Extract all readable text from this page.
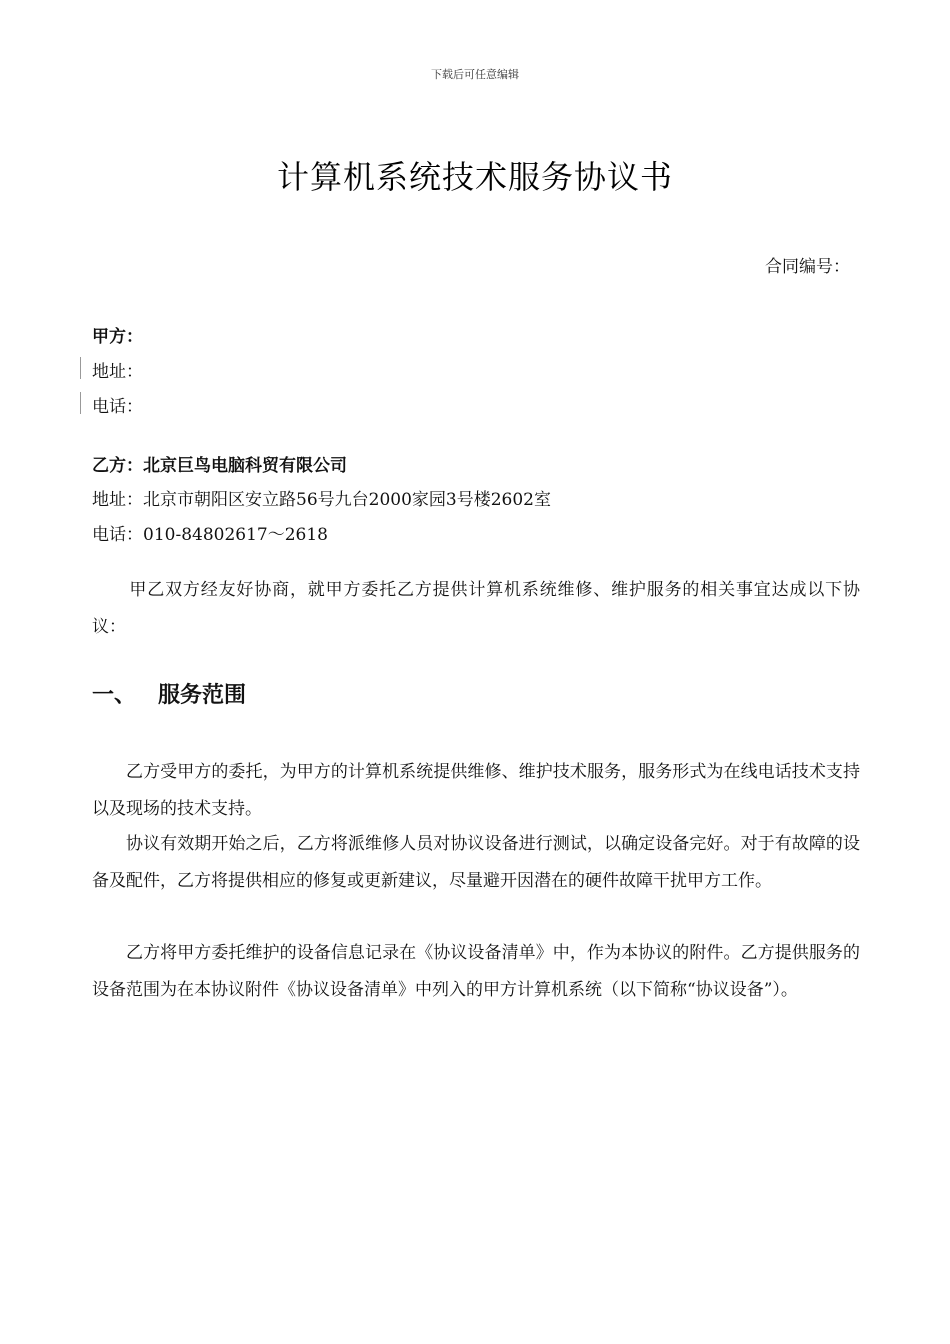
下载后可任意编辑
计算机系统技术服务协议书
合同编号：
甲方：
地址：
电话：
乙方：北京巨鸟电脑科贸有限公司
地址：北京市朝阳区安立路56号九台2000家园3号楼2602室
电话：010-84802617～2618
甲乙双方经友好协商，就甲方委托乙方提供计算机系统维修、维护服务的相关事宜达成以下协议：
一、 服务范围
乙方受甲方的委托，为甲方的计算机系统提供维修、维护技术服务，服务形式为在线电话技术支持以及现场的技术支持。
协议有效期开始之后，乙方将派维修人员对协议设备进行测试，以确定设备完好。对于有故障的设备及配件，乙方将提供相应的修复或更新建议，尽量避开因潜在的硬件故障干扰甲方工作。
乙方将甲方委托维护的设备信息记录在《协议设备清单》中，作为本协议的附件。乙方提供服务的设备范围为在本协议附件《协议设备清单》中列入的甲方计算机系统（以下简称“协议设备”）。
